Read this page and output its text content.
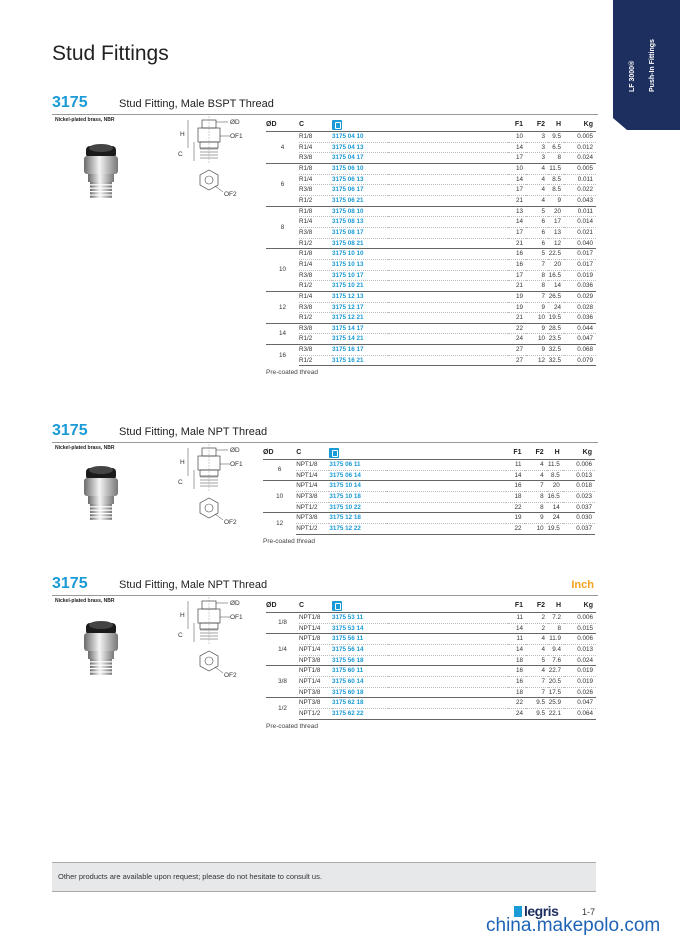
LF 3000® Push-In Fittings
Stud Fittings
3175	Stud Fitting, Male BSPT Thread
Nickel-plated brass, NBR	ØD
H	OF1
C
OF2
ØD	C			F1	F2	H	Kg
4	R1/8	3175 04 10		10	3	9.5	0.005
	R1/4	3175 04 13		14	3	6.5	0.012
	R3/8	3175 04 17		17	3	8	0.024
6	R1/8	3175 06 10		10	4	11.5	0.005
	R1/4	3175 06 13		14	4	8.5	0.011
	R3/8	3175 06 17		17	4	8.5	0.022
	R1/2	3175 06 21		21	4	9	0.043
8	R1/8	3175 08 10		13	5	20	0.011
	R1/4	3175 08 13		14	6	17	0.014
	R3/8	3175 08 17		17	6	13	0.021
	R1/2	3175 08 21		21	6	12	0.040
10	R1/8	3175 10 10		16	5	22.5	0.017
	R1/4	3175 10 13		16	7	20	0.017
	R3/8	3175 10 17		17	8	16.5	0.019
	R1/2	3175 10 21		21	8	14	0.036
12	R1/4	3175 12 13		19	7	26.5	0.029
	R3/8	3175 12 17		19	9	24	0.028
	R1/2	3175 12 21		21	10	19.5	0.036
14	R3/8	3175 14 17		22	9	28.5	0.044
	R1/2	3175 14 21		24	10	23.5	0.047
16	R3/8	3175 16 17		27	9	32.5	0.068
	R1/2	3175 16 21		27	12	32.5	0.079
Pre-coated thread
3175	Stud Fitting, Male NPT Thread
Nickel-plated brass, NBR	ØD
H	OF1
C
OF2
ØD	C			F1	F2	H	Kg
6	NPT1/8	3175 06 11		11	4	11.5	0.006
	NPT1/4	3175 06 14		14	4	8.5	0.013
10	NPT1/4	3175 10 14		16	7	20	0.018
	NPT3/8	3175 10 18		18	8	16.5	0.023
	NPT1/2	3175 10 22		22	8	14	0.037
12	NPT3/8	3175 12 18		19	9	24	0.030
	NPT1/2	3175 12 22		22	10	19.5	0.037
Pre-coated thread
3175	Stud Fitting, Male NPT Thread	Inch
Nickel-plated brass, NBR	ØD
H	OF1
C
OF2
ØD	C			F1	F2	H	Kg
1/8	NPT1/8	3175 53 11		11	2	7.2	0.006
	NPT1/4	3175 53 14		14	2	8	0.015
1/4	NPT1/8	3175 56 11		11	4	11.9	0.006
	NPT1/4	3175 56 14		14	4	9.4	0.013
	NPT3/8	3175 56 18		18	5	7.6	0.024
3/8	NPT1/8	3175 60 11		16	4	22.7	0.019
	NPT1/4	3175 60 14		16	7	20.5	0.019
	NPT3/8	3175 60 18		18	7	17.5	0.026
1/2	NPT3/8	3175 62 18		22	9.5	25.9	0.047
	NPT1/2	3175 62 22		24	9.5	22.1	0.064
Pre-coated thread
Other products are available upon request; please do not hesitate to consult us.
legris	1-7
china.makepolo.com
